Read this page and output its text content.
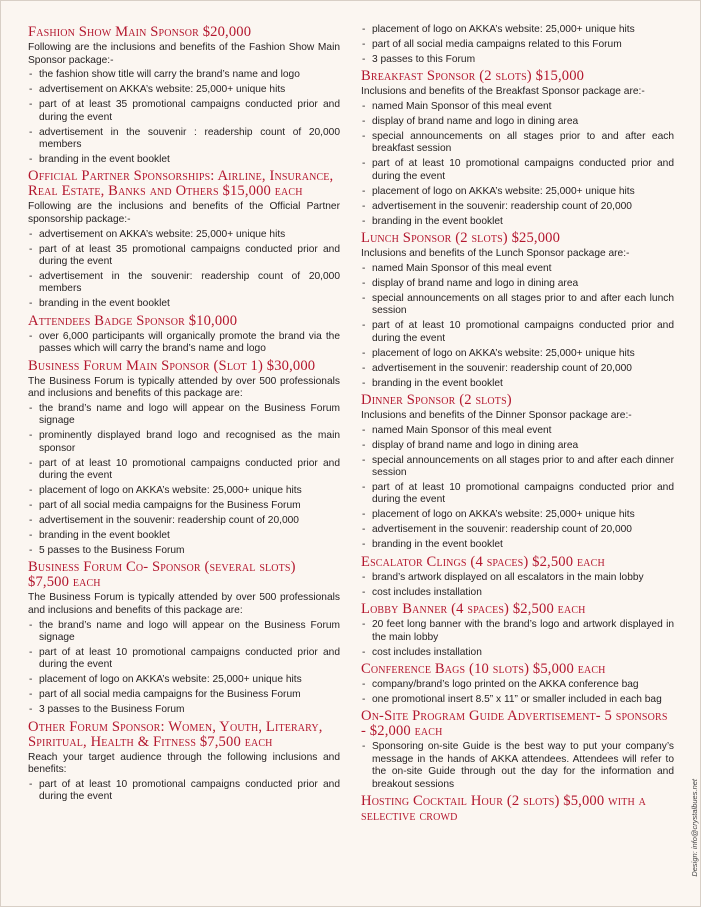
Fashion Show Main Sponsor $20,000
Following are the inclusions and benefits of the Fashion Show Main Sponsor package:-
- the fashion show title will carry the brand’s name and logo
- advertisement on AKKA’s website: 25,000+ unique hits
- part of at least 35 promotional campaigns conducted prior and during the event
- advertisement in the souvenir : readership count of 20,000 members
- branding in the event booklet
Official Partner Sponsorships: Airline, Insurance, Real Estate, Banks and Others $15,000 each
Following are the inclusions and benefits of the Official Partner sponsorship package:-
- advertisement on AKKA’s website: 25,000+ unique hits
- part of at least 35 promotional campaigns conducted prior and during the event
- advertisement in the souvenir: readership count of 20,000 members
- branding in the event booklet
Attendees Badge Sponsor $10,000
- over 6,000 participants will organically promote the brand via the passes which will carry the brand’s name and logo
Business Forum Main Sponsor (Slot 1) $30,000
The Business Forum is typically attended by over 500 professionals and inclusions and benefits of this package are:
- the brand’s name and logo will appear on the Business Forum signage
- prominently displayed brand logo and recognised as the main sponsor
- part of at least 10 promotional campaigns conducted prior and during the event
- placement of logo on AKKA’s website: 25,000+ unique hits
- part of all social media campaigns for the Business Forum
- advertisement in the souvenir: readership count of 20,000
- branding in the event booklet
- 5 passes to the Business Forum
Business Forum Co- Sponsor (several slots) $7,500 each
The Business Forum is typically attended by over 500 professionals and inclusions and benefits of this package are:
- the brand’s name and logo will appear on the Business Forum signage
- part of at least 10 promotional campaigns conducted prior and during the event
- placement of logo on AKKA’s website: 25,000+ unique hits
- part of all social media campaigns for the Business Forum
- 3 passes to the Business Forum
Other Forum Sponsor: Women, Youth, Literary, Spiritual, Health & Fitness $7,500 each
Reach your target audience through the following inclusions and benefits:
- part of at least 10 promotional campaigns conducted prior and during the event
- placement of logo on AKKA’s website: 25,000+ unique hits
- part of all social media campaigns related to this Forum
- 3 passes to this Forum
Breakfast Sponsor (2 slots) $15,000
Inclusions and benefits of the Breakfast Sponsor package are:-
- named Main Sponsor of this meal event
- display of brand name and logo in dining area
- special announcements on all stages prior to and after each breakfast session
- part of at least 10 promotional campaigns conducted prior and during the event
- placement of logo on AKKA’s website: 25,000+ unique hits
- advertisement in the souvenir: readership count of 20,000
- branding in the event booklet
Lunch Sponsor (2 slots) $25,000
Inclusions and benefits of the Lunch Sponsor package are:-
- named Main Sponsor of this meal event
- display of brand name and logo in dining area
- special announcements on all stages prior to and after each lunch session
- part of at least 10 promotional campaigns conducted prior and during the event
- placement of logo on AKKA’s website: 25,000+ unique hits
- advertisement in the souvenir: readership count of 20,000
- branding in the event booklet
Dinner Sponsor (2 slots)
Inclusions and benefits of the Dinner Sponsor package are:-
- named Main Sponsor of this meal event
- display of brand name and logo in dining area
- special announcements on all stages prior to and after each dinner session
- part of at least 10 promotional campaigns conducted prior and during the event
- placement of logo on AKKA’s website: 25,000+ unique hits
- advertisement in the souvenir: readership count of 20,000
- branding in the event booklet
Escalator Clings (4 spaces) $2,500 each
- brand’s artwork displayed on all escalators in the main lobby
- cost includes installation
Lobby Banner (4 spaces) $2,500 each
- 20 feet long banner with the brand’s logo and artwork displayed in the main lobby
- cost includes installation
Conference Bags (10 slots) $5,000 each
- company/brand’s logo printed on the AKKA conference bag
- one promotional insert 8.5” x 11” or smaller included in each bag
On-Site Program Guide Advertisement- 5 sponsors - $2,000 each
- Sponsoring on-site Guide is the best way to put your company’s message in the hands of AKKA attendees. Attendees will refer to the on-site Guide through out the day for the information and breakout sessions
Hosting Cocktail Hour (2 slots) $5,000 with a selective crowd	Design: info@crystalbues.net
